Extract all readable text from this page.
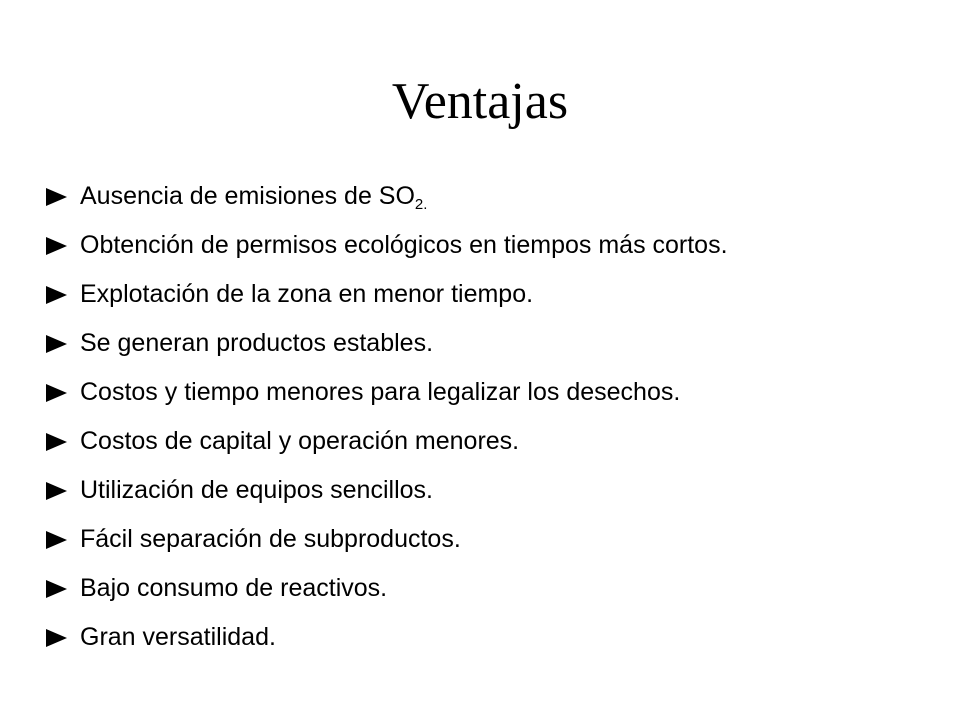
Ventajas
Ausencia de emisiones de $SO_{2.}$
Obtención de permisos ecológicos en tiempos más cortos.
Explotación de la zona en menor tiempo.
Se generan productos estables.
Costos y tiempo menores para legalizar los desechos.
Costos de capital y operación menores.
Utilización de equipos sencillos.
Fácil separación de subproductos.
Bajo consumo de reactivos.
Gran versatilidad.
